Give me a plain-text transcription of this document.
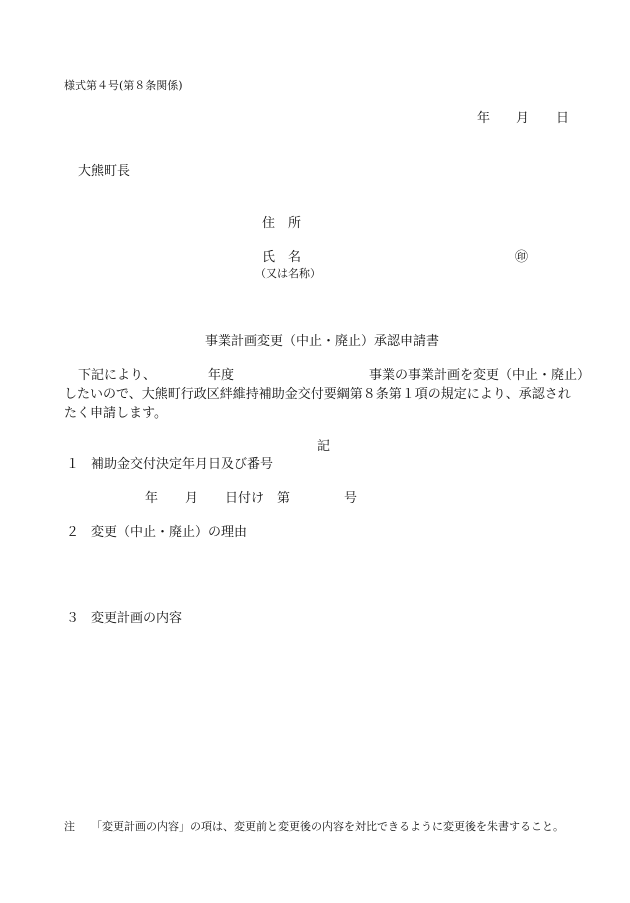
様式第４号(第８条関係)
年 月 日
大熊町長
住　所
氏　名
（又は名称）
㊞
事業計画変更（中止・廃止）承認申請書
下記により、	年度	事業の事業計画を変更（中止・廃止）
したいので、大熊町行政区絆維持補助金交付要綱第８条第１項の規定により、承認され
たく申請します。
記
１ 補助金交付決定年月日及び番号
年 月 日付け 第	号
２ 変更（中止・廃止）の理由
３ 変更計画の内容
注 「変更計画の内容」の項は、変更前と変更後の内容を対比できるように変更後を朱書すること。
